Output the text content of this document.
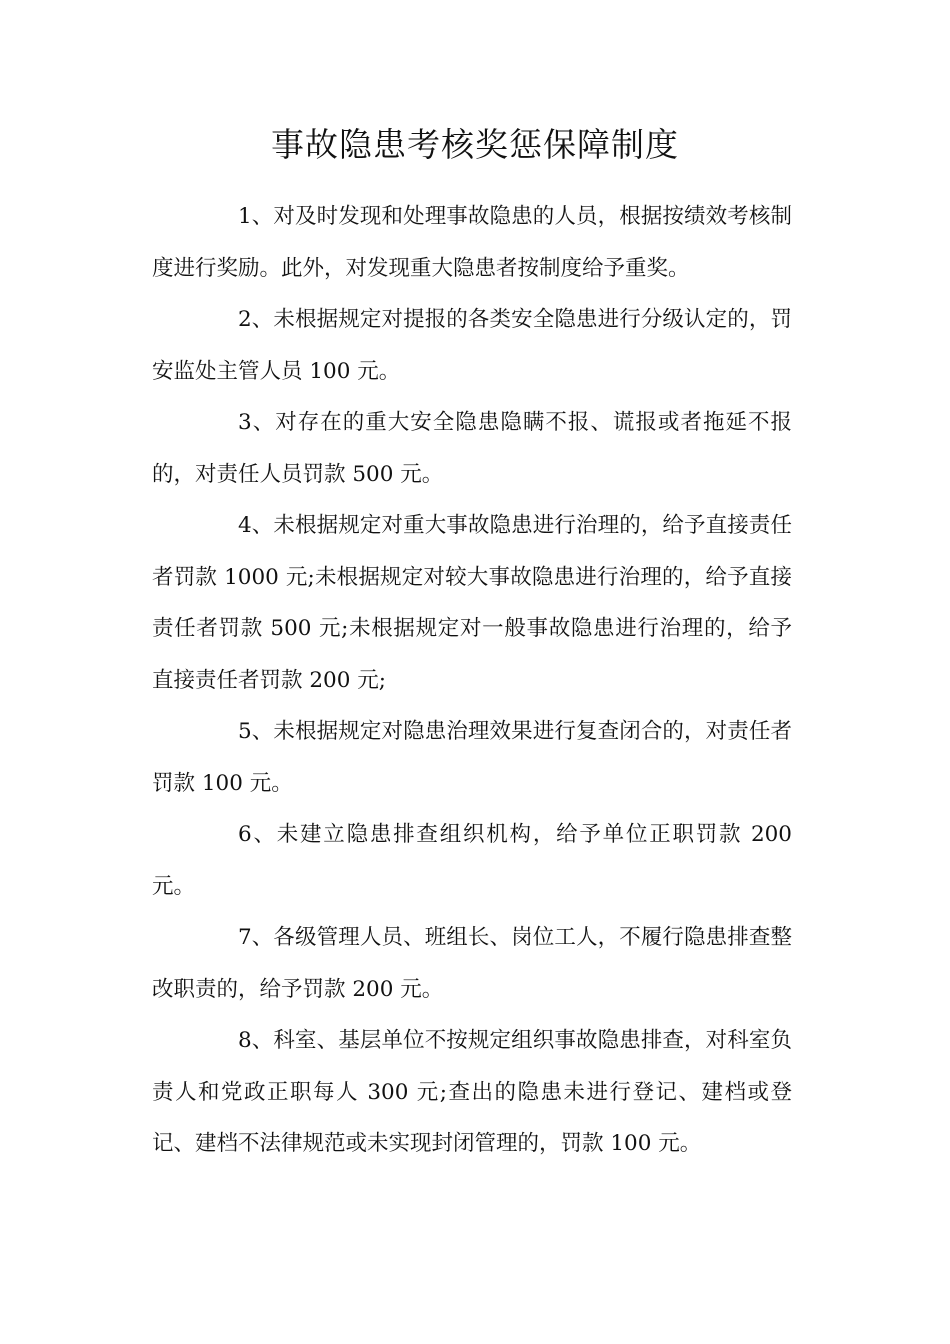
事故隐患考核奖惩保障制度

1、对及时发现和处理事故隐患的人员，根据按绩效考核制度进行奖励。此外，对发现重大隐患者按制度给予重奖。

2、未根据规定对提报的各类安全隐患进行分级认定的，罚安监处主管人员 100 元。

3、对存在的重大安全隐患隐瞒不报、谎报或者拖延不报的，对责任人员罚款 500 元。

4、未根据规定对重大事故隐患进行治理的，给予直接责任者罚款 1000 元;未根据规定对较大事故隐患进行治理的，给予直接责任者罚款 500 元;未根据规定对一般事故隐患进行治理的，给予直接责任者罚款 200 元;

5、未根据规定对隐患治理效果进行复查闭合的，对责任者罚款 100 元。

6、未建立隐患排查组织机构，给予单位正职罚款 200 元。

7、各级管理人员、班组长、岗位工人，不履行隐患排查整改职责的，给予罚款 200 元。

8、科室、基层单位不按规定组织事故隐患排查，对科室负责人和党政正职每人 300 元;查出的隐患未进行登记、建档或登记、建档不法律规范或未实现封闭管理的，罚款 100 元。
